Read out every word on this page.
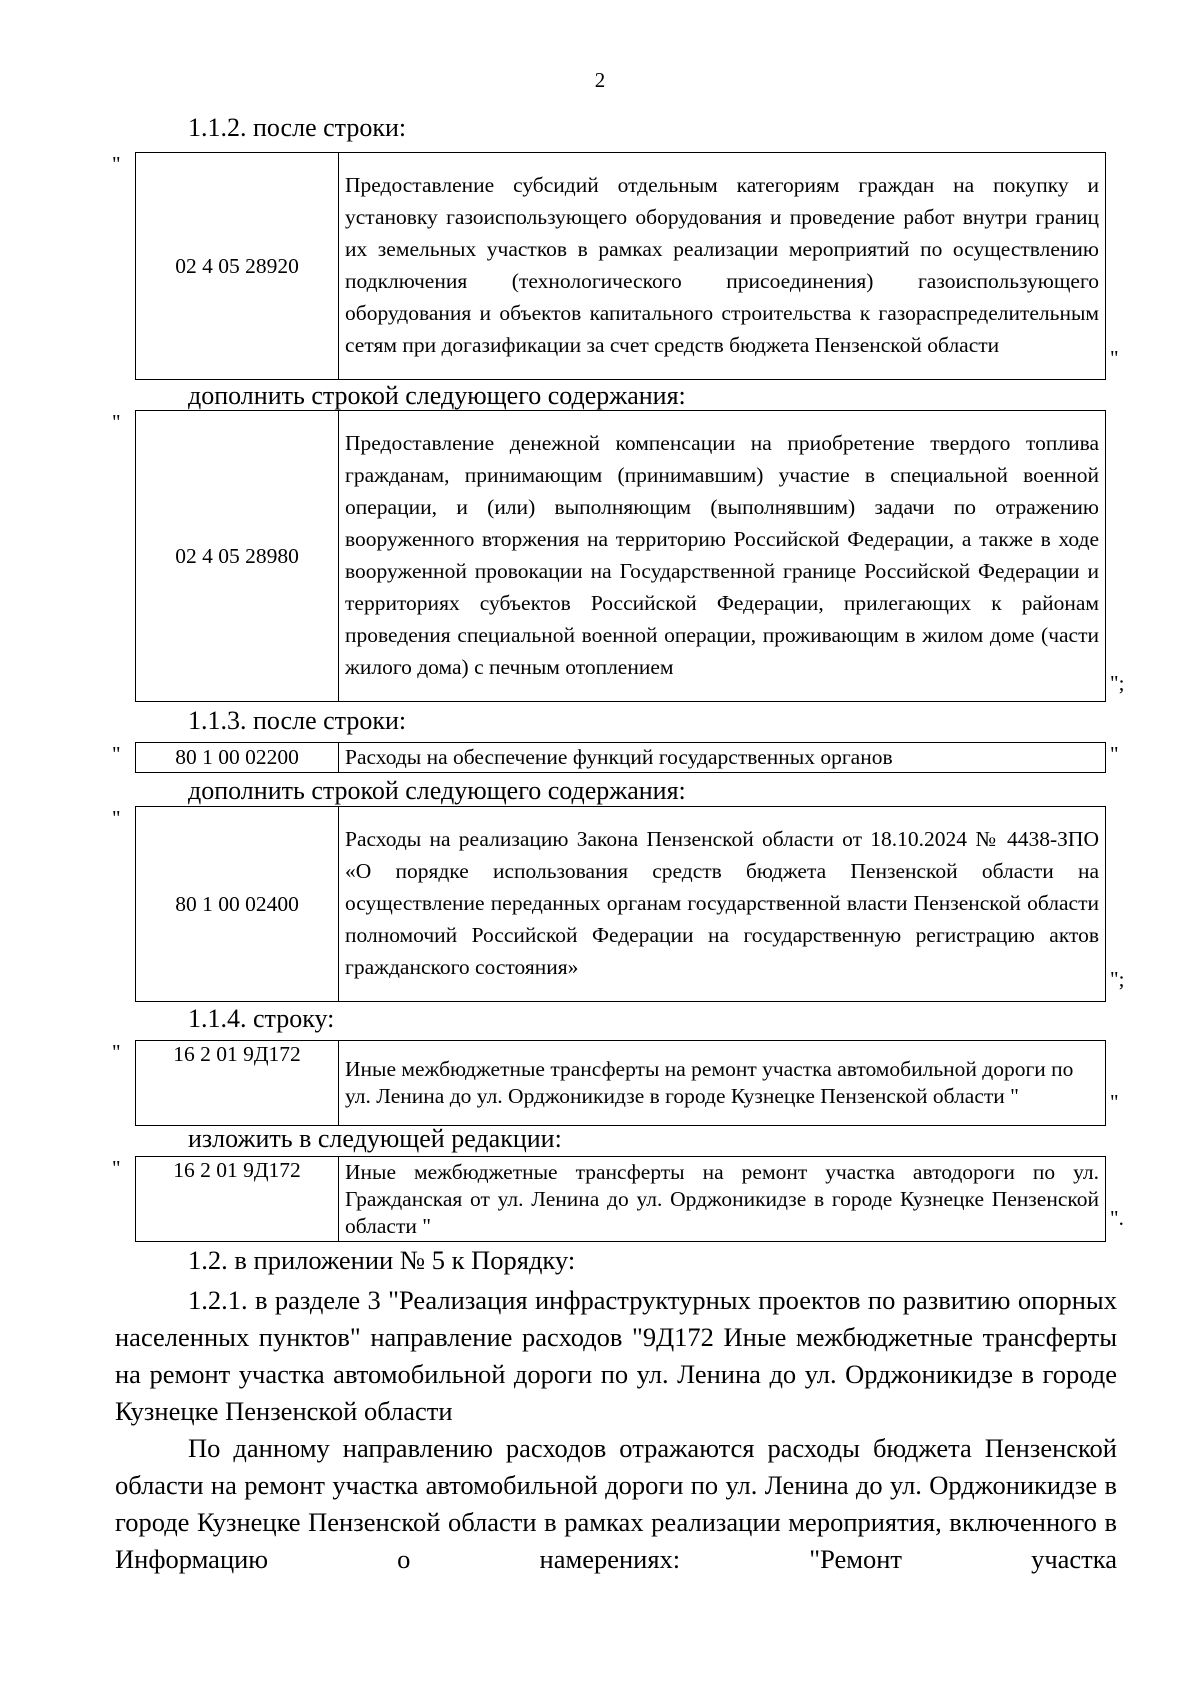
2
1.1.2. после строки:
"
02 4 05 28920	Предоставление субсидий отдельным категориям граждан на покупку и установку газоиспользующего оборудования и проведение работ внутри границ их земельных участков в рамках реализации мероприятий по осуществлению подключения (технологического присоединения) газоиспользующего оборудования и объектов капитального строительства к газораспределительным сетям при догазификации за счет средств бюджета Пензенской области
"
дополнить строкой следующего содержания:
"
02 4 05 28980	Предоставление денежной компенсации на приобретение твердого топлива гражданам, принимающим (принимавшим) участие в специальной военной операции, и (или) выполняющим (выполнявшим) задачи по отражению вооруженного вторжения на территорию Российской Федерации, а также в ходе вооруженной провокации на Государственной границе Российской Федерации и территориях субъектов Российской Федерации, прилегающих к районам проведения специальной военной операции, проживающим в жилом доме (части жилого дома) с печным отоплением
";
1.1.3. после строки:
"	80 1 00 02200	Расходы на обеспечение функций государственных органов	"
дополнить строкой следующего содержания:
"
80 1 00 02400	Расходы на реализацию Закона Пензенской области от 18.10.2024 № 4438-ЗПО «О порядке использования средств бюджета Пензенской области на осуществление переданных органам государственной власти Пензенской области полномочий Российской Федерации на государственную регистрацию актов гражданского состояния»
";
1.1.4. строку:
" 16 2 01 9Д172	Иные межбюджетные трансферты на ремонт участка автомобильной дороги по ул. Ленина до ул. Орджоникидзе в городе Кузнецке Пензенской области "	"
изложить в следующей редакции:
" 16 2 01 9Д172	Иные межбюджетные трансферты на ремонт участка автодороги по ул. Гражданская от ул. Ленина до ул. Орджоникидзе в городе Кузнецке Пензенской области "	".
1.2. в приложении № 5 к Порядку:
1.2.1. в разделе 3 "Реализация инфраструктурных проектов по развитию опорных населенных пунктов" направление расходов "9Д172 Иные межбюджетные трансферты на ремонт участка автомобильной дороги по ул. Ленина до ул. Орджоникидзе в городе Кузнецке Пензенской области
По данному направлению расходов отражаются расходы бюджета Пензенской области на ремонт участка автомобильной дороги по ул. Ленина до ул. Орджоникидзе в городе Кузнецке Пензенской области в рамках реализации мероприятия, включенного в Информацию о намерениях: "Ремонт участка
